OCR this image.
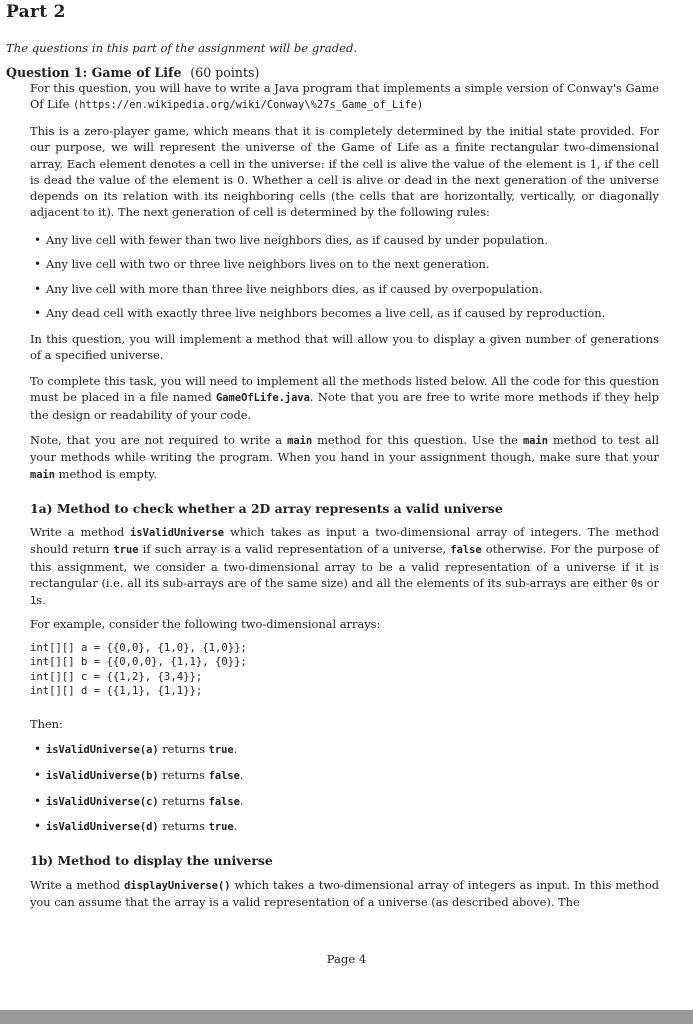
Part 2
The questions in this part of the assignment will be graded.
Question 1: Game of Life (60 points)

For this question, you will have to write a Java program that implements a simple version of Conway's Game Of Life (https://en.wikipedia.org/wiki/Conway\%27s_Game_of_Life)

This is a zero-player game, which means that it is completely determined by the initial state provided. For our purpose, we will represent the universe of the Game of Life as a finite rectangular two-dimensional array. Each element denotes a cell in the universe: if the cell is alive the value of the element is 1, if the cell is dead the value of the element is 0. Whether a cell is alive or dead in the next generation of the universe depends on its relation with its neighboring cells (the cells that are horizontally, vertically, or diagonally adjacent to it). The next generation of cell is determined by the following rules:

• Any live cell with fewer than two live neighbors dies, as if caused by under population.
• Any live cell with two or three live neighbors lives on to the next generation.
• Any live cell with more than three live neighbors dies, as if caused by overpopulation.
• Any dead cell with exactly three live neighbors becomes a live cell, as if caused by reproduction.

In this question, you will implement a method that will allow you to display a given number of generations of a specified universe.

To complete this task, you will need to implement all the methods listed below. All the code for this question must be placed in a file named GameOfLife.java. Note that you are free to write more methods if they help the design or readability of your code.

Note, that you are not required to write a main method for this question. Use the main method to test all your methods while writing the program. When you hand in your assignment though, make sure that your main method is empty.

1a) Method to check whether a 2D array represents a valid universe

Write a method isValidUniverse which takes as input a two-dimensional array of integers. The method should return true if such array is a valid representation of a universe, false otherwise. For the purpose of this assignment, we consider a two-dimensional array to be a valid representation of a universe if it is rectangular (i.e. all its sub-arrays are of the same size) and all the elements of its sub-arrays are either 0s or 1s.

For example, consider the following two-dimensional arrays:

int[][] a = {{0,0}, {1,0}, {1,0}};
int[][] b = {{0,0,0}, {1,1}, {0}};
int[][] c = {{1,2}, {3,4}};
int[][] d = {{1,1}, {1,1}};

Then:

• isValidUniverse(a) returns true.
• isValidUniverse(b) returns false.
• isValidUniverse(c) returns false.
• isValidUniverse(d) returns true.
1b) Method to display the universe

Write a method displayUniverse() which takes a two-dimensional array of integers as input. In this method you can assume that the array is a valid representation of a universe (as described above). The

Page 4
